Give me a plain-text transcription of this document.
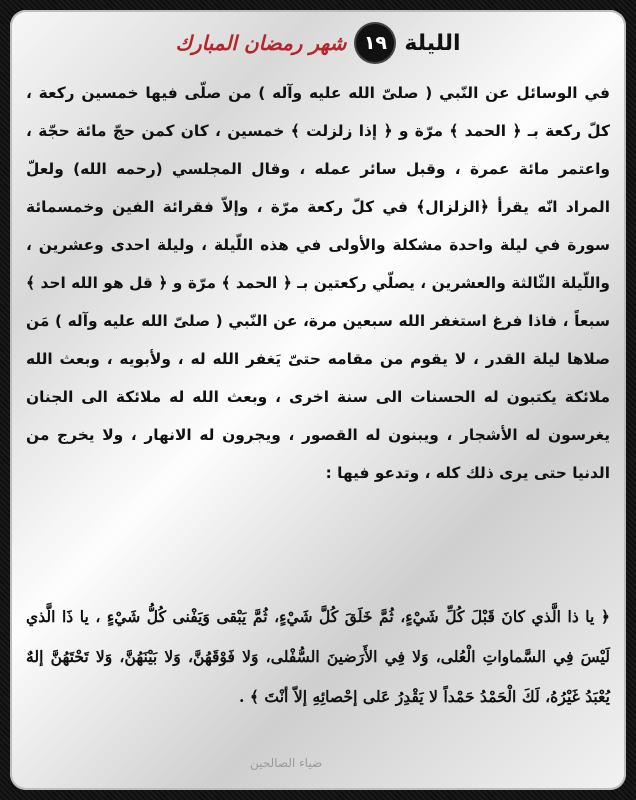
الليلة
١٩
شهر رمضان المبارك

في الوسائل عن النّبي ( صلىّ الله عليه وآله ) من صلّى فيها خمسين ركعة ، كلّ ركعة بـ ﴿ الحمد ﴾ مرّة و ﴿ إذا زلزلت ﴾ خمسين ، كان كمن حجّ مائة حجّة ، واعتمر مائة عمرة ، وقبل سائر عمله ، وقال المجلسي (رحمه الله) ولعلّ المراد انّه يقرأ ﴿الزلزال﴾ في كلّ ركعة مرّة ، وإلاّ فقرائة الفين وخمسمائة سورة في ليلة واحدة مشكلة والأولى في هذه اللّيلة ، وليلة احدى وعشرين ، واللّيلة الثّالثة والعشرين ، يصلّي ركعتين بـ ﴿ الحمد ﴾ مرّة و ﴿ قل هو الله احد ﴾ سبعاً ، فاذا فرغ استغفر الله سبعين مرة، عن النّبي ( صلىّ الله عليه وآله ) مَن صلاها ليلة القدر ، لا يقوم من مقامه حتىّ يَغفر الله له ، ولأبويه ، وبعث الله ملائكة يكتبون له الحسنات الى سنة اخرى ، وبعث الله له ملائكة الى الجنان يغرسون له الأشجار ، ويبنون له القصور ، ويجرون له الانهار ، ولا يخرج من الدنيا حتى يرى ذلك كله ، وتدعو فيها :

﴿ يا ذا الَّذي كانَ قَبْلَ كُلِّ شَيْءٍ، ثُمَّ خَلَقَ كُلَّ شَيْءٍ، ثُمَّ يَبْقى وَيَفْنى كُلُّ شَيْءٍ ، يا ذَا الَّذي لَيْسَ فِي السَّماواتِ الْعُلى، وَلا فِي الأَرَضينَ السُّفْلى، وَلا فَوْقَهُنَّ، وَلا بَيْنَهُنَّ، وَلا تَحْتَهُنَّ إلهٌ يُعْبَدُ غَيْرُهُ، لَكَ الْحَمْدُ حَمْداً لا يَقْدِرُ عَلى إحْصائِهِ إلاّ أنْتَ ﴾ .

ضياء الصالحين
